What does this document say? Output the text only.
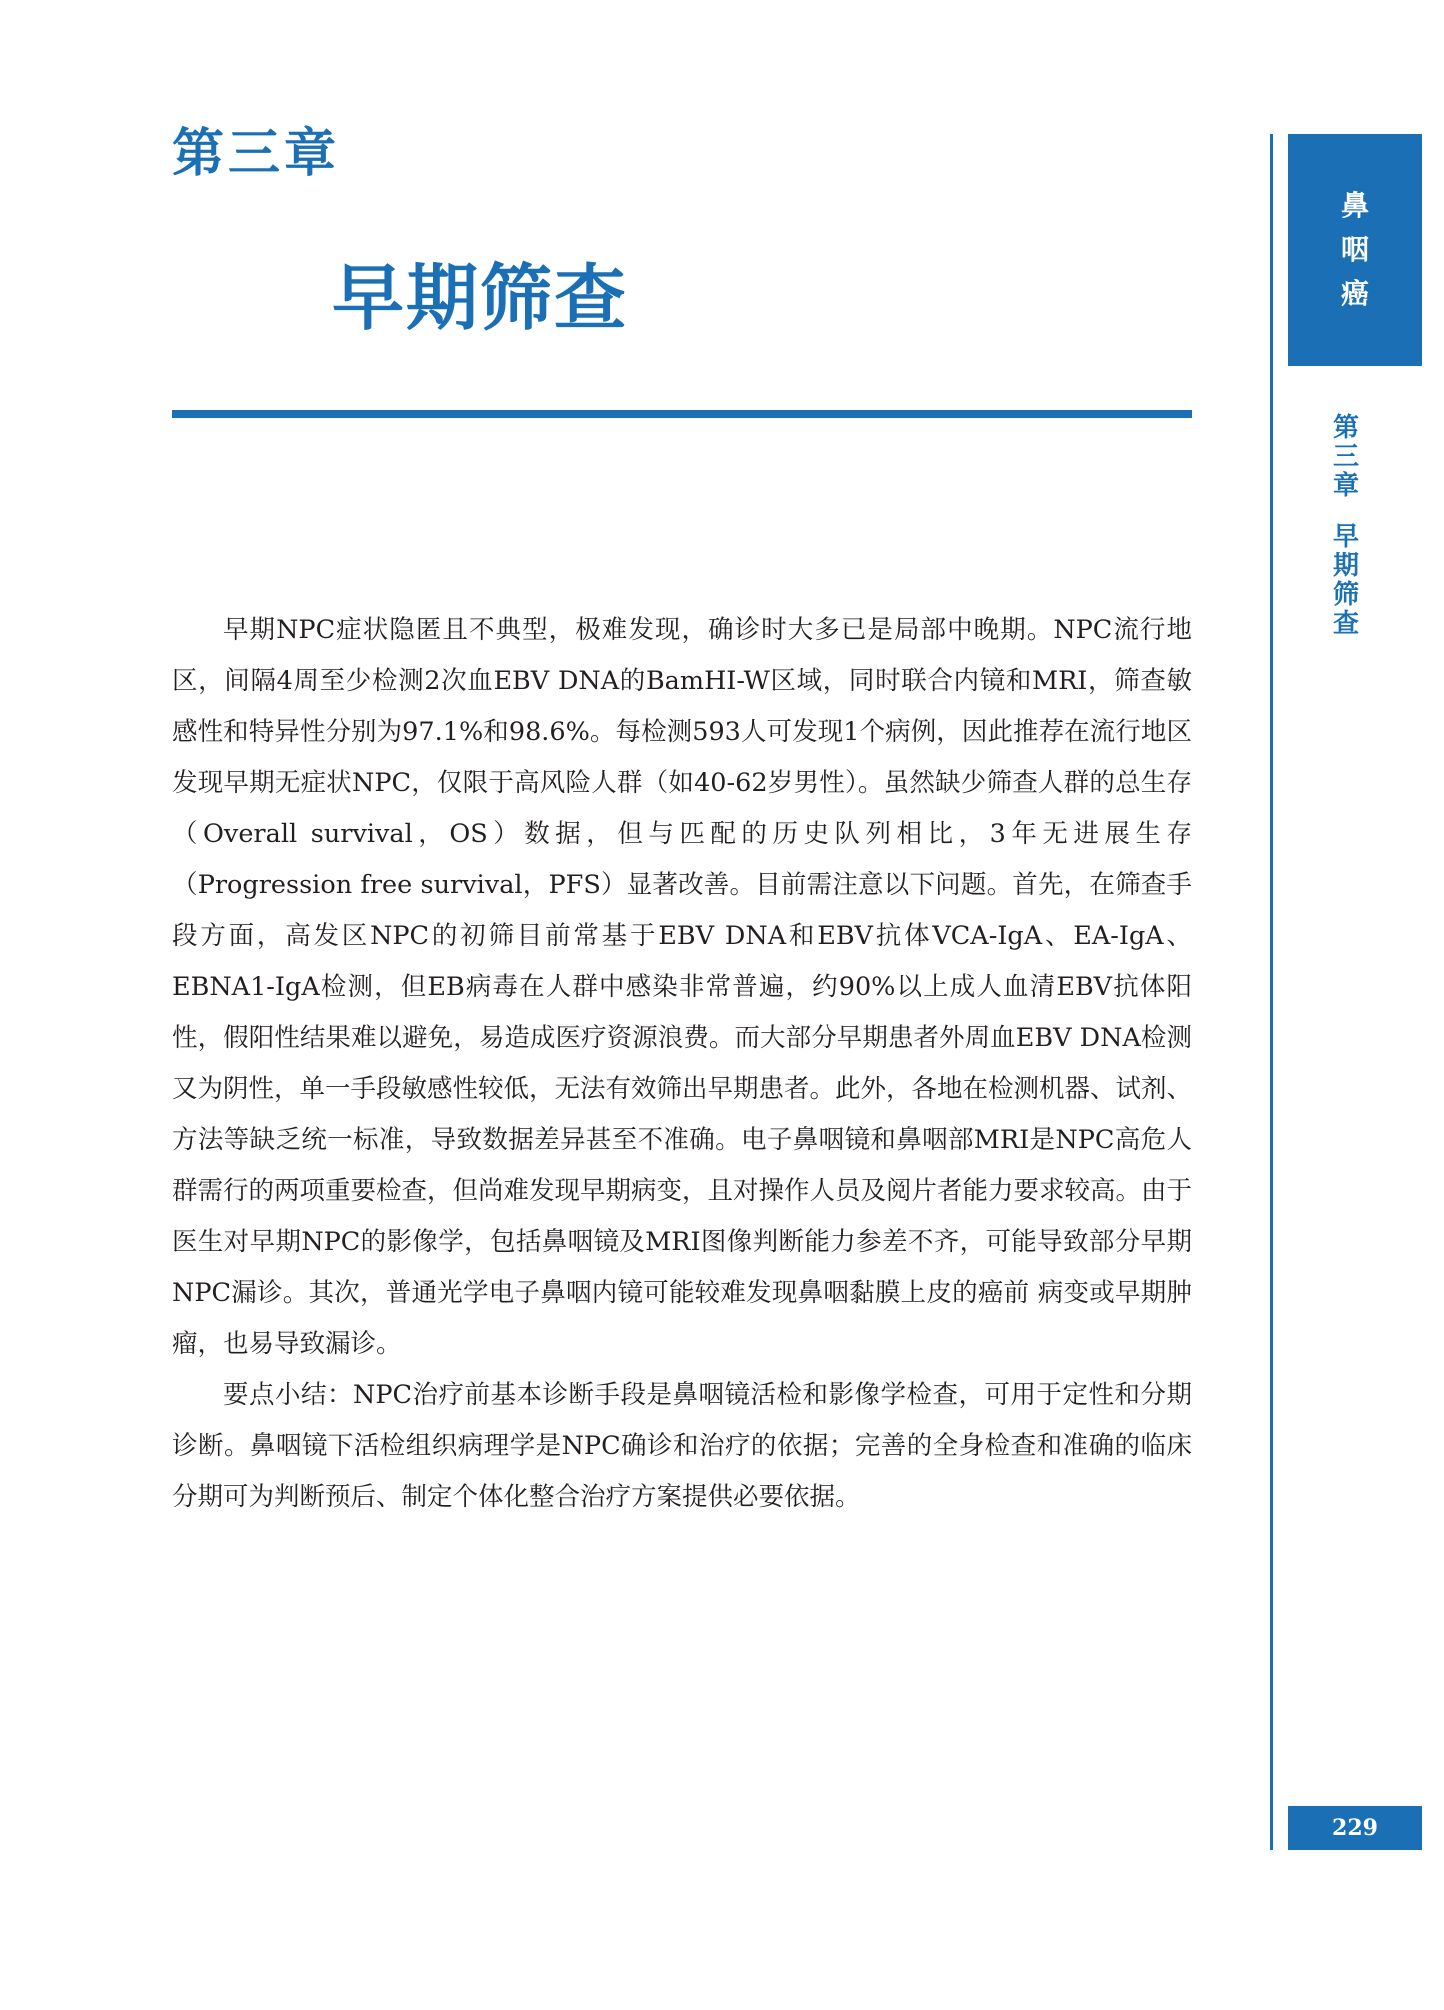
第三章
早期筛查

早期NPC症状隐匿且不典型，极难发现，确诊时大多已是局部中晚期。NPC流行地区，间隔4周至少检测2次血EBV DNA的BamHI-W区域，同时联合内镜和MRI，筛查敏感性和特异性分别为97.1%和98.6%。每检测593人可发现1个病例，因此推荐在流行地区发现早期无症状NPC，仅限于高风险人群（如40-62岁男性）。虽然缺少筛查人群的总生存（Overall survival，OS）数据，但与匹配的历史队列相比，3年无进展生存（Progression free survival，PFS）显著改善。目前需注意以下问题。首先，在筛查手段方面，高发区NPC的初筛目前常基于EBV DNA和EBV抗体VCA-IgA、EA-IgA、EBNA1-IgA检测，但EB病毒在人群中感染非常普遍，约90%以上成人血清EBV抗体阳性，假阳性结果难以避免，易造成医疗资源浪费。而大部分早期患者外周血EBV DNA检测又为阴性，单一手段敏感性较低，无法有效筛出早期患者。此外，各地在检测机器、试剂、方法等缺乏统一标准，导致数据差异甚至不准确。电子鼻咽镜和鼻咽部MRI是NPC高危人群需行的两项重要检查，但尚难发现早期病变，且对操作人员及阅片者能力要求较高。由于医生对早期NPC的影像学，包括鼻咽镜及MRI图像判断能力参差不齐，可能导致部分早期NPC漏诊。其次，普通光学电子鼻咽内镜可能较难发现鼻咽黏膜上皮的癌前 病变或早期肿瘤，也易导致漏诊。

要点小结：NPC治疗前基本诊断手段是鼻咽镜活检和影像学检查，可用于定性和分期诊断。鼻咽镜下活检组织病理学是NPC确诊和治疗的依据；完善的全身检查和准确的临床分期可为判断预后、制定个体化整合治疗方案提供必要依据。

鼻
咽
癌
第
三
章
早
期
筛
查
229
